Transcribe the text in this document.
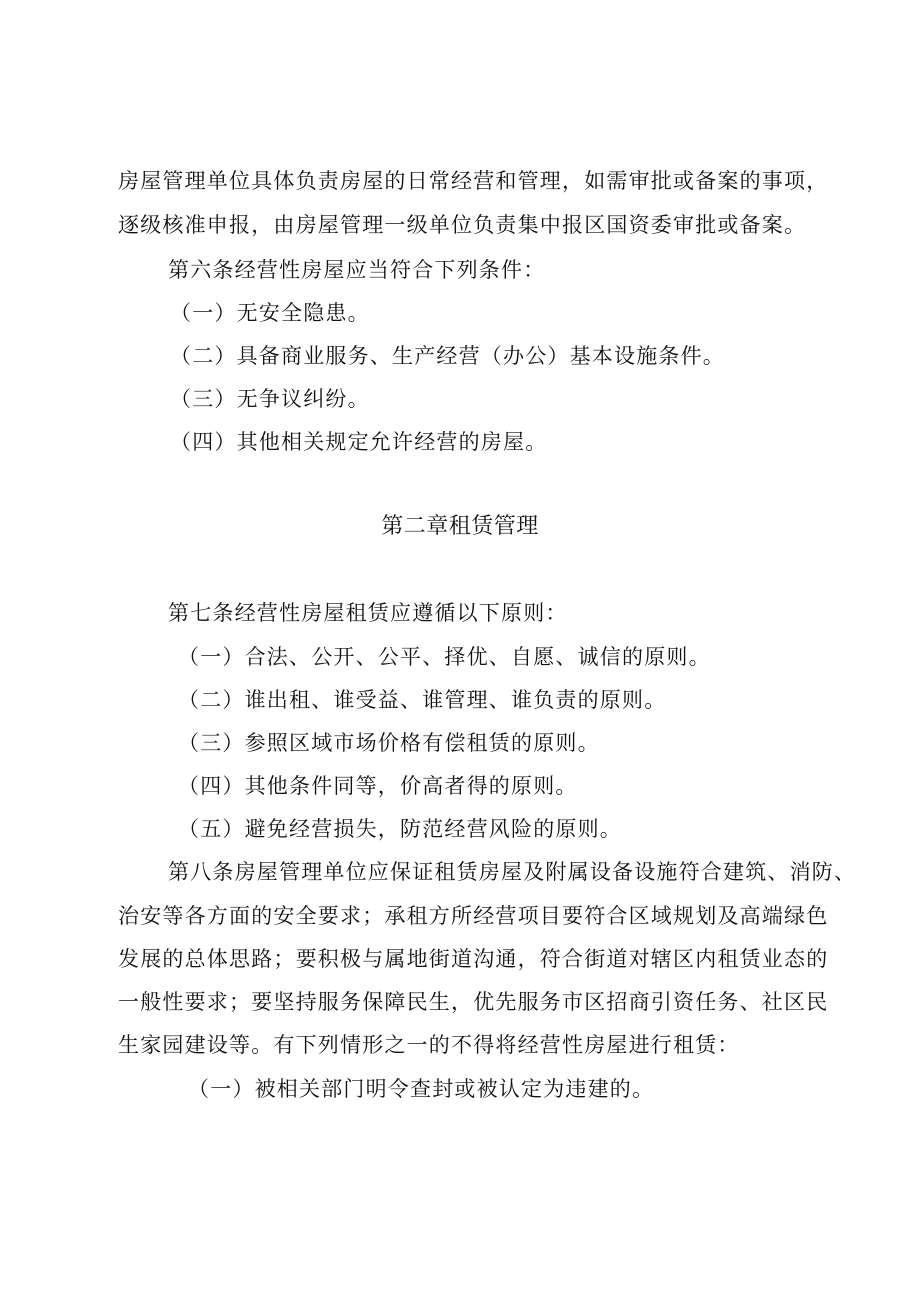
房屋管理单位具体负责房屋的日常经营和管理，如需审批或备案的事项，
逐级核准申报，由房屋管理一级单位负责集中报区国资委审批或备案。
第六条经营性房屋应当符合下列条件：
（一）无安全隐患。
（二）具备商业服务、生产经营（办公）基本设施条件。
（三）无争议纠纷。
（四）其他相关规定允许经营的房屋。
第二章租赁管理
第七条经营性房屋租赁应遵循以下原则：
（一）合法、公开、公平、择优、自愿、诚信的原则。
（二）谁出租、谁受益、谁管理、谁负责的原则。
（三）参照区域市场价格有偿租赁的原则。
（四）其他条件同等，价高者得的原则。
（五）避免经营损失，防范经营风险的原则。
第八条房屋管理单位应保证租赁房屋及附属设备设施符合建筑、消防、
治安等各方面的安全要求；承租方所经营项目要符合区域规划及高端绿色
发展的总体思路；要积极与属地街道沟通，符合街道对辖区内租赁业态的
一般性要求；要坚持服务保障民生，优先服务市区招商引资任务、社区民
生家园建设等。有下列情形之一的不得将经营性房屋进行租赁：
（一）被相关部门明令查封或被认定为违建的。
